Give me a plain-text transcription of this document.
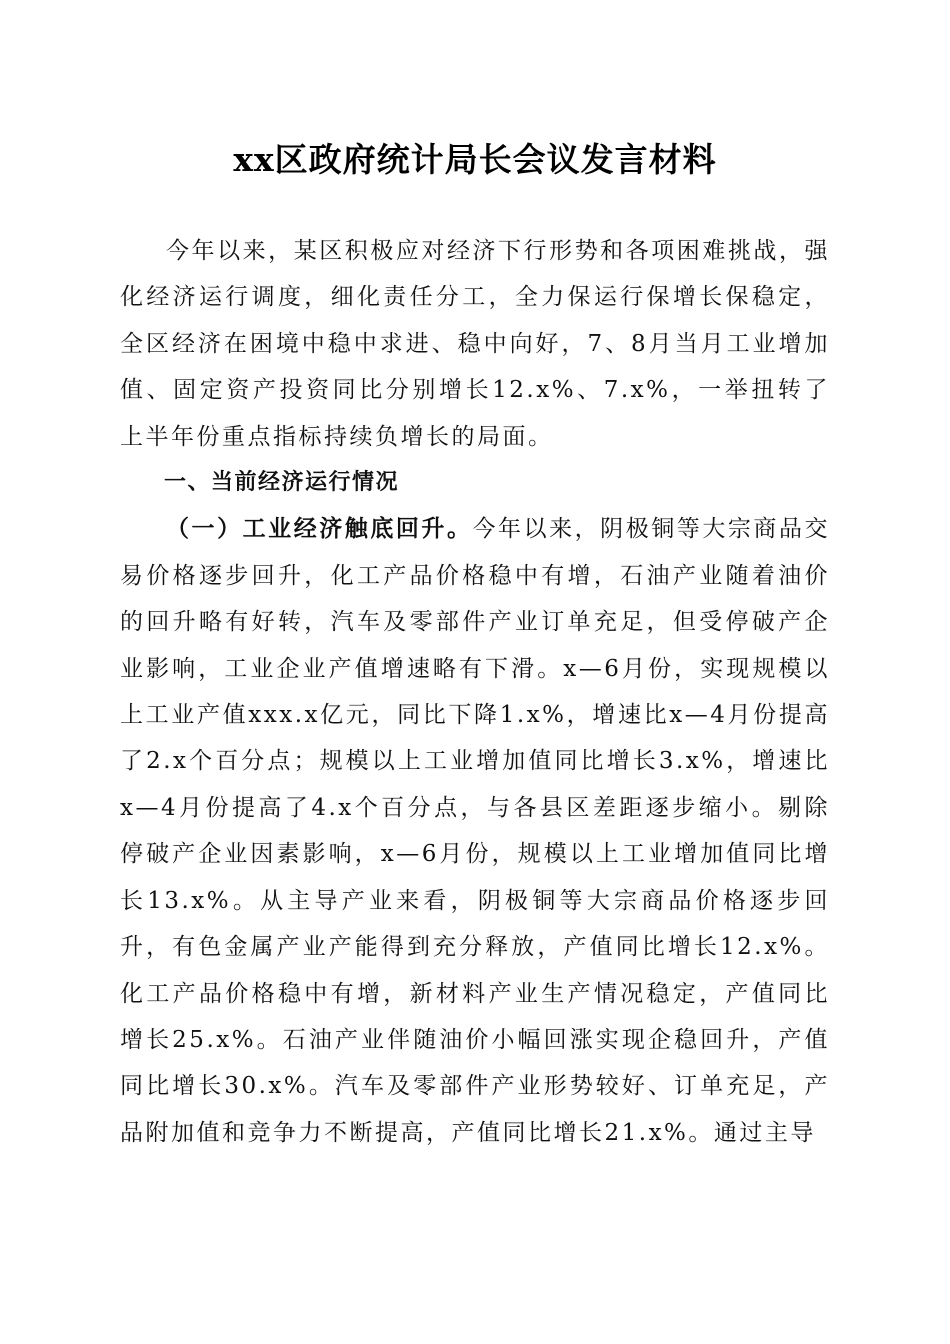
xx区政府统计局长会议发言材料

今年以来，某区积极应对经济下行形势和各项困难挑战，强化经济运行调度，细化责任分工，全力保运行保增长保稳定，全区经济在困境中稳中求进、稳中向好，7、8月当月工业增加值、固定资产投资同比分别增长12.x%、7.x%，一举扭转了上半年份重点指标持续负增长的局面。

一、当前经济运行情况

（一）工业经济触底回升。今年以来，阴极铜等大宗商品交易价格逐步回升，化工产品价格稳中有增，石油产业随着油价的回升略有好转，汽车及零部件产业订单充足，但受停破产企业影响，工业企业产值增速略有下滑。x—6月份，实现规模以上工业产值xxx.x亿元，同比下降1.x%，增速比x—4月份提高了2.x个百分点；规模以上工业增加值同比增长3.x%，增速比x—4月份提高了4.x个百分点，与各县区差距逐步缩小。剔除停破产企业因素影响，x—6月份，规模以上工业增加值同比增长13.x%。从主导产业来看，阴极铜等大宗商品价格逐步回升，有色金属产业产能得到充分释放，产值同比增长12.x%。化工产品价格稳中有增，新材料产业生产情况稳定，产值同比增长25.x%。石油产业伴随油价小幅回涨实现企稳回升，产值同比增长30.x%。汽车及零部件产业形势较好、订单充足，产品附加值和竞争力不断提高，产值同比增长21.x%。通过主导
